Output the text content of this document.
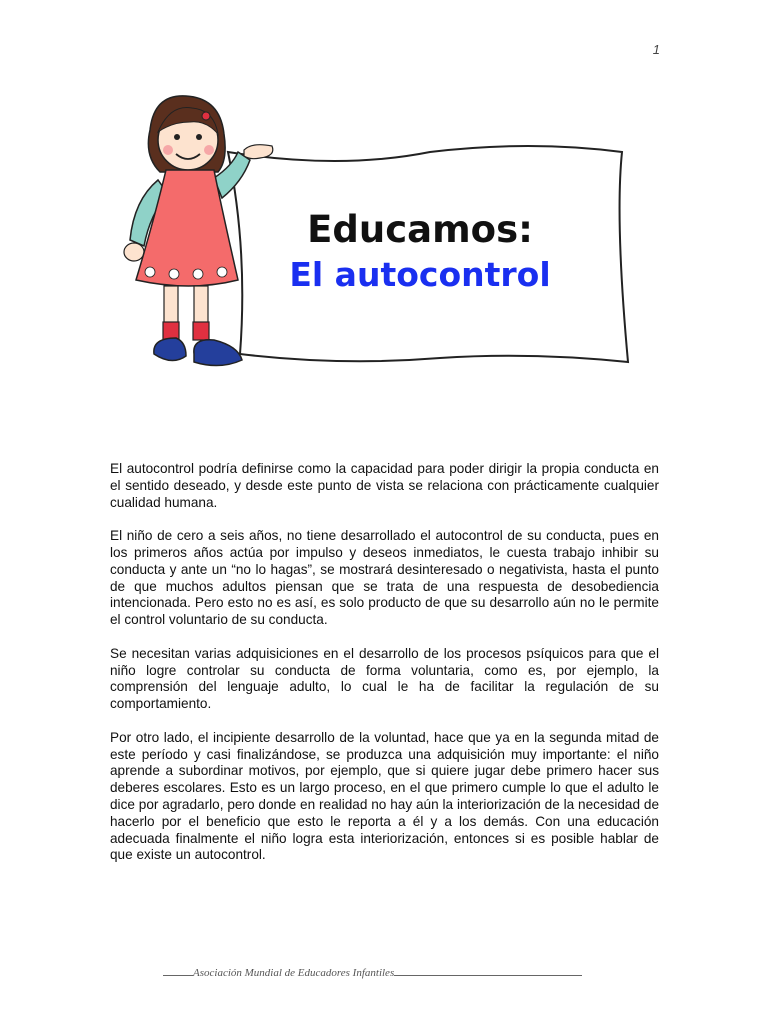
1
Educamos:
El autocontrol

El autocontrol podría definirse como la capacidad para poder dirigir la propia conducta en el sentido deseado, y desde este punto de vista se relaciona con prácticamente cualquier cualidad humana.

El niño de cero a seis años, no tiene desarrollado el autocontrol de su conducta, pues en los primeros años actúa por impulso y deseos inmediatos, le cuesta trabajo inhibir su conducta y ante un “no lo hagas”, se mostrará desinteresado o negativista, hasta el punto de que muchos adultos piensan que se trata de una respuesta de desobediencia intencionada. Pero esto no es así, es solo producto de que su desarrollo aún no le permite el control voluntario de su conducta.

Se necesitan varias adquisiciones en el desarrollo de los procesos psíquicos para que el niño logre controlar su conducta de forma voluntaria, como es, por ejemplo, la comprensión del lenguaje adulto, lo cual le ha de facilitar la regulación de su comportamiento.

Por otro lado, el incipiente desarrollo de la voluntad, hace que ya en la segunda mitad de este período y casi finalizándose, se produzca una adquisición muy importante: el niño aprende a subordinar motivos, por ejemplo, que si quiere jugar debe primero hacer sus deberes escolares. Esto es un largo proceso, en el que primero cumple lo que el adulto le dice por agradarlo, pero donde en realidad no hay aún la interiorización de la necesidad de hacerlo por el beneficio que esto le reporta a él y a los demás. Con una educación adecuada finalmente el niño logra esta interiorización, entonces si es posible hablar de que existe un autocontrol.

Asociación Mundial de Educadores Infantiles
